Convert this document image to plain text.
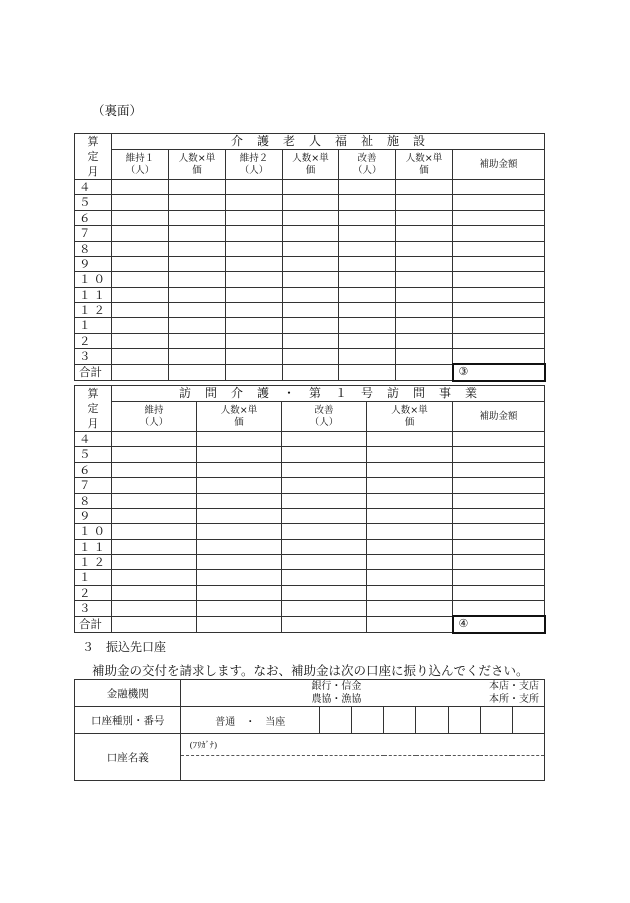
（裏面）
算定月	介護老人福祉施設						
	維持１（人）	人数×単価	維持２（人）	人数×単価	改善（人）	人数×単価	補助金額
４							
５							
６							
７							
８							
９							
１０							
１１							
１２							
１							
２							
３							
合計							③
算定月	訪問介護・第１号訪問事業				
	維持（人）	人数×単価	改善（人）	人数×単価	補助金額
４					
５					
６					
７					
８					
９					
１０					
１１					
１２					
１					
２					
３					
合計					④
３　振込先口座
補助金の交付を請求します。なお、補助金は次の口座に振り込んでください。
金融機関	銀行・信金
農協・漁協
本店・支店
本所・支所							

口座種別・番号	普通　・　当座							
口座名義	(ﾌﾘｶﾞﾅ)							
